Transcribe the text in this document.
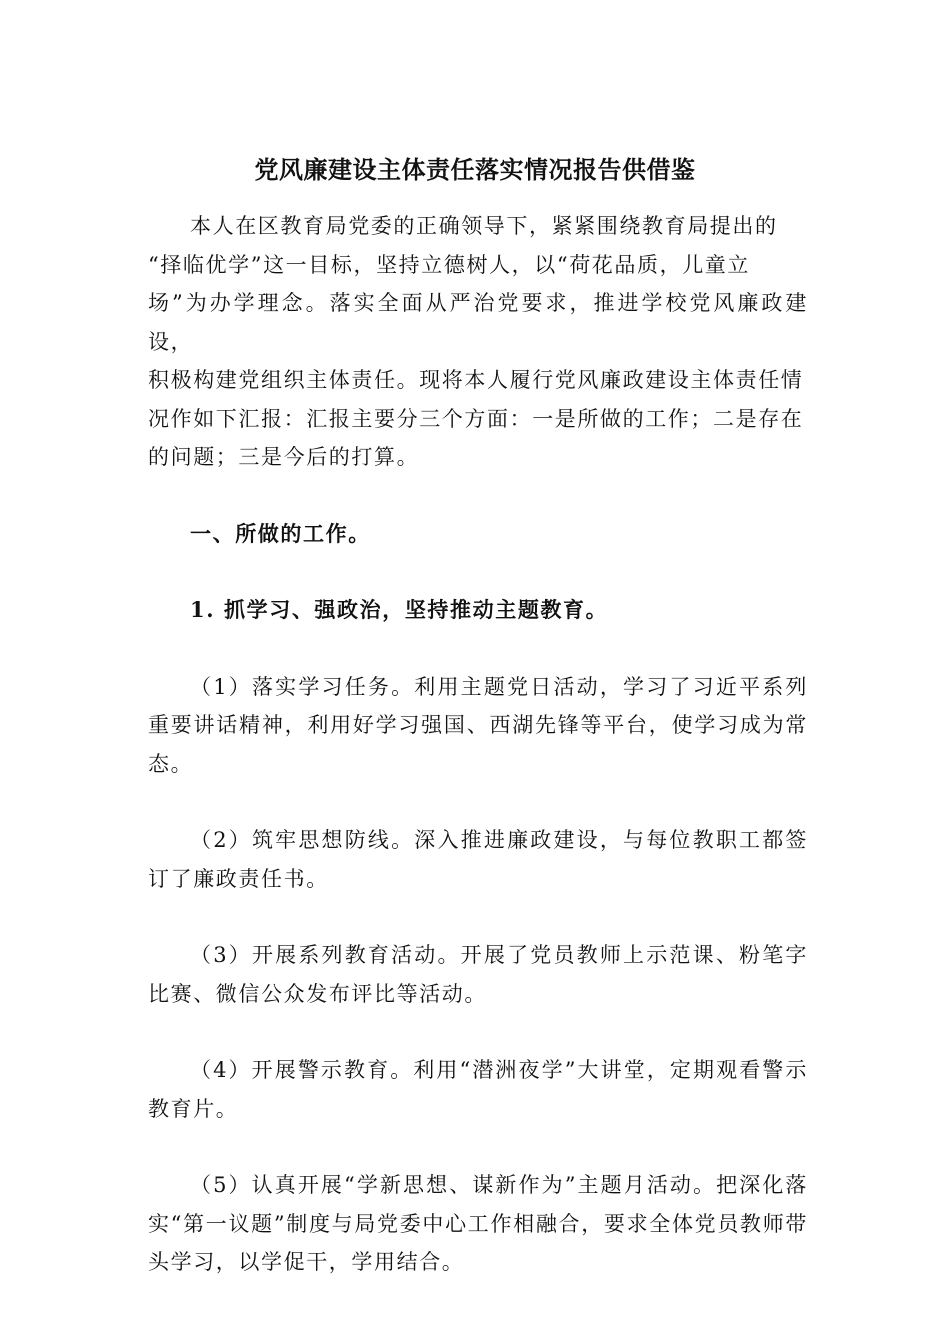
党风廉建设主体责任落实情况报告供借鉴

本人在区教育局党委的正确领导下，紧紧围绕教育局提出的
“择临优学”这一目标，坚持立德树人，以“荷花品质，儿童立
场”为办学理念。落实全面从严治党要求，推进学校党风廉政建设，
积极构建党组织主体责任。现将本人履行党风廉政建设主体责任情
况作如下汇报：汇报主要分三个方面：一是所做的工作；二是存在
的问题；三是今后的打算。

一、所做的工作。

1. 抓学习、强政治，坚持推动主题教育。

（1）落实学习任务。利用主题党日活动，学习了习近平系列重要讲话精神，利用好学习强国、西湖先锋等平台，使学习成为常态。

（2）筑牢思想防线。深入推进廉政建设，与每位教职工都签订了廉政责任书。

（3）开展系列教育活动。开展了党员教师上示范课、粉笔字比赛、微信公众发布评比等活动。

（4）开展警示教育。利用“潜洲夜学”大讲堂，定期观看警示教育片。

（5）认真开展“学新思想、谋新作为”主题月活动。把深化落实“第一议题”制度与局党委中心工作相融合，要求全体党员教师带头学习，以学促干，学用结合。
